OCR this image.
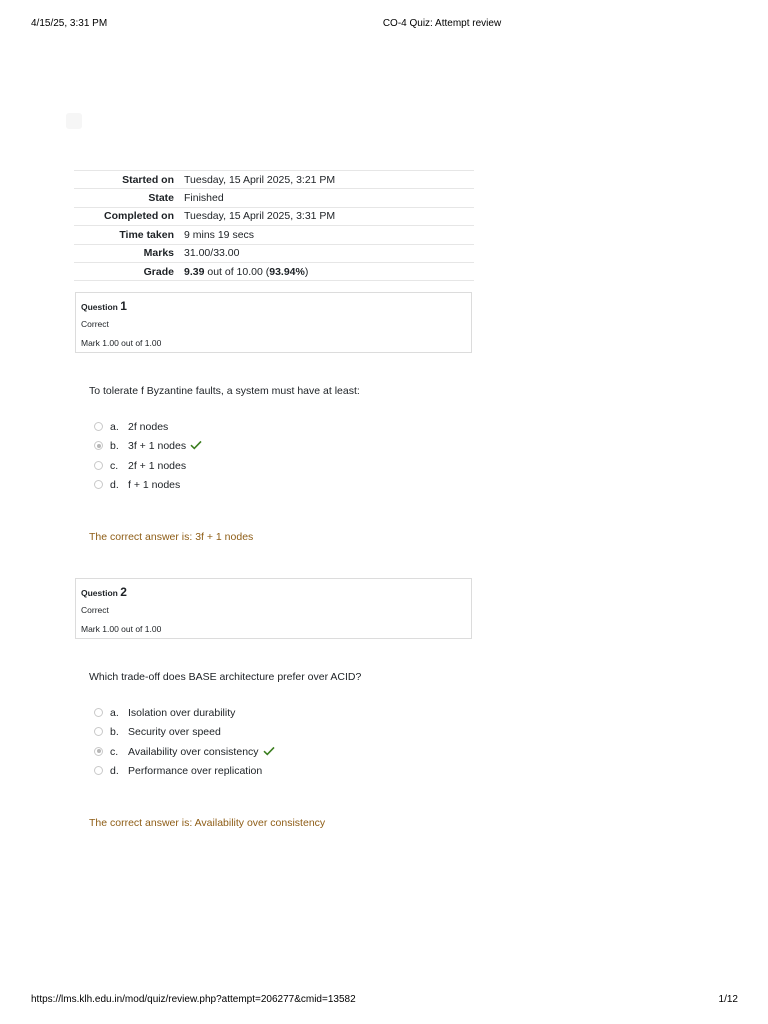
4/15/25, 3:31 PM	CO-4 Quiz: Attempt review
Started on	Tuesday, 15 April 2025, 3:21 PM
State	Finished
Completed on	Tuesday, 15 April 2025, 3:31 PM
Time taken	9 mins 19 secs
Marks	31.00/33.00
Grade	9.39 out of 10.00 (93.94%)
Question 1
Correct
Mark 1.00 out of 1.00
To tolerate f Byzantine faults, a system must have at least:
a. 2f nodes
b. 3f + 1 nodes
c. 2f + 1 nodes
d. f + 1 nodes
The correct answer is: 3f + 1 nodes
Question 2
Correct
Mark 1.00 out of 1.00
Which trade-off does BASE architecture prefer over ACID?
a. Isolation over durability
b. Security over speed
c. Availability over consistency
d. Performance over replication
The correct answer is: Availability over consistency
https://lms.klh.edu.in/mod/quiz/review.php?attempt=206277&cmid=13582	1/12
